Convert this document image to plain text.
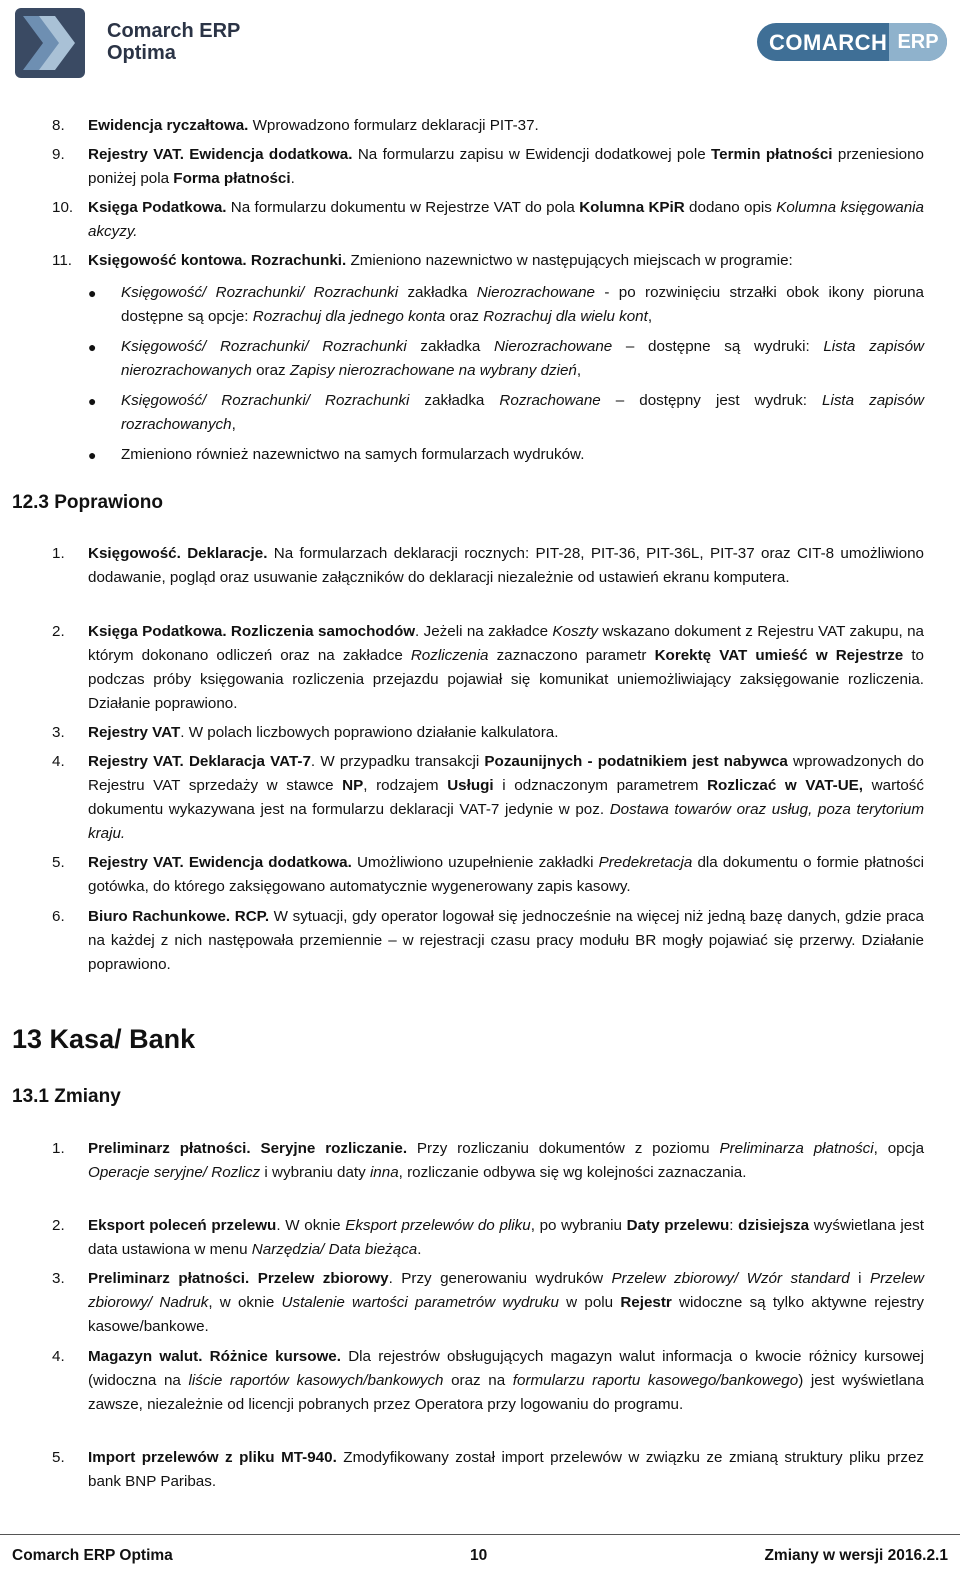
Comarch ERP
Optima	COMARCH ERP
8. Ewidencja ryczałtowa. Wprowadzono formularz deklaracji PIT-37.
9. Rejestry VAT. Ewidencja dodatkowa. Na formularzu zapisu w Ewidencji dodatkowej pole Termin płatności przeniesiono poniżej pola Forma płatności.
10. Księga Podatkowa. Na formularzu dokumentu w Rejestrze VAT do pola Kolumna KPiR dodano opis Kolumna księgowania akcyzy.
11. Księgowość kontowa. Rozrachunki. Zmieniono nazewnictwo w następujących miejscach w programie:
● Księgowość/ Rozrachunki/ Rozrachunki zakładka Nierozrachowane - po rozwinięciu strzałki obok ikony pioruna dostępne są opcje: Rozrachuj dla jednego konta oraz Rozrachuj dla wielu kont,
● Księgowość/ Rozrachunki/ Rozrachunki zakładka Nierozrachowane – dostępne są wydruki: Lista zapisów nierozrachowanych oraz Zapisy nierozrachowane na wybrany dzień,
● Księgowość/ Rozrachunki/ Rozrachunki zakładka Rozrachowane – dostępny jest wydruk: Lista zapisów rozrachowanych,
● Zmieniono również nazewnictwo na samych formularzach wydruków.
12.3 Poprawiono
1. Księgowość. Deklaracje. Na formularzach deklaracji rocznych: PIT-28, PIT-36, PIT-36L, PIT-37 oraz CIT-8 umożliwiono dodawanie, pogląd oraz usuwanie załączników do deklaracji niezależnie od ustawień ekranu komputera.
2. Księga Podatkowa. Rozliczenia samochodów. Jeżeli na zakładce Koszty wskazano dokument z Rejestru VAT zakupu, na którym dokonano odliczeń oraz na zakładce Rozliczenia zaznaczono parametr Korektę VAT umieść w Rejestrze to podczas próby księgowania rozliczenia przejazdu pojawiał się komunikat uniemożliwiający zaksięgowanie rozliczenia. Działanie poprawiono.
3. Rejestry VAT. W polach liczbowych poprawiono działanie kalkulatora.
4. Rejestry VAT. Deklaracja VAT-7. W przypadku transakcji Pozaunijnych - podatnikiem jest nabywca wprowadzonych do Rejestru VAT sprzedaży w stawce NP, rodzajem Usługi i odznaczonym parametrem Rozliczać w VAT-UE, wartość dokumentu wykazywana jest na formularzu deklaracji VAT-7 jedynie w poz. Dostawa towarów oraz usług, poza terytorium kraju.
5. Rejestry VAT. Ewidencja dodatkowa. Umożliwiono uzupełnienie zakładki Predekretacja dla dokumentu o formie płatności gotówka, do którego zaksięgowano automatycznie wygenerowany zapis kasowy.
6. Biuro Rachunkowe. RCP. W sytuacji, gdy operator logował się jednocześnie na więcej niż jedną bazę danych, gdzie praca na każdej z nich następowała przemiennie – w rejestracji czasu pracy modułu BR mogły pojawiać się przerwy. Działanie poprawiono.
13 Kasa/ Bank
13.1 Zmiany
1. Preliminarz płatności. Seryjne rozliczanie. Przy rozliczaniu dokumentów z poziomu Preliminarza płatności, opcja Operacje seryjne/ Rozlicz i wybraniu daty inna, rozliczanie odbywa się wg kolejności zaznaczania.
2. Eksport poleceń przelewu. W oknie Eksport przelewów do pliku, po wybraniu Daty przelewu: dzisiejsza wyświetlana jest data ustawiona w menu Narzędzia/ Data bieżąca.
3. Preliminarz płatności. Przelew zbiorowy. Przy generowaniu wydruków Przelew zbiorowy/ Wzór standard i Przelew zbiorowy/ Nadruk, w oknie Ustalenie wartości parametrów wydruku w polu Rejestr widoczne są tylko aktywne rejestry kasowe/bankowe.
4. Magazyn walut. Różnice kursowe. Dla rejestrów obsługujących magazyn walut informacja o kwocie różnicy kursowej (widoczna na liście raportów kasowych/bankowych oraz na formularzu raportu kasowego/bankowego) jest wyświetlana zawsze, niezależnie od licencji pobranych przez Operatora przy logowaniu do programu.
5. Import przelewów z pliku MT-940. Zmodyfikowany został import przelewów w związku ze zmianą struktury pliku przez bank BNP Paribas.
Comarch ERP Optima	10	Zmiany w wersji 2016.2.1
